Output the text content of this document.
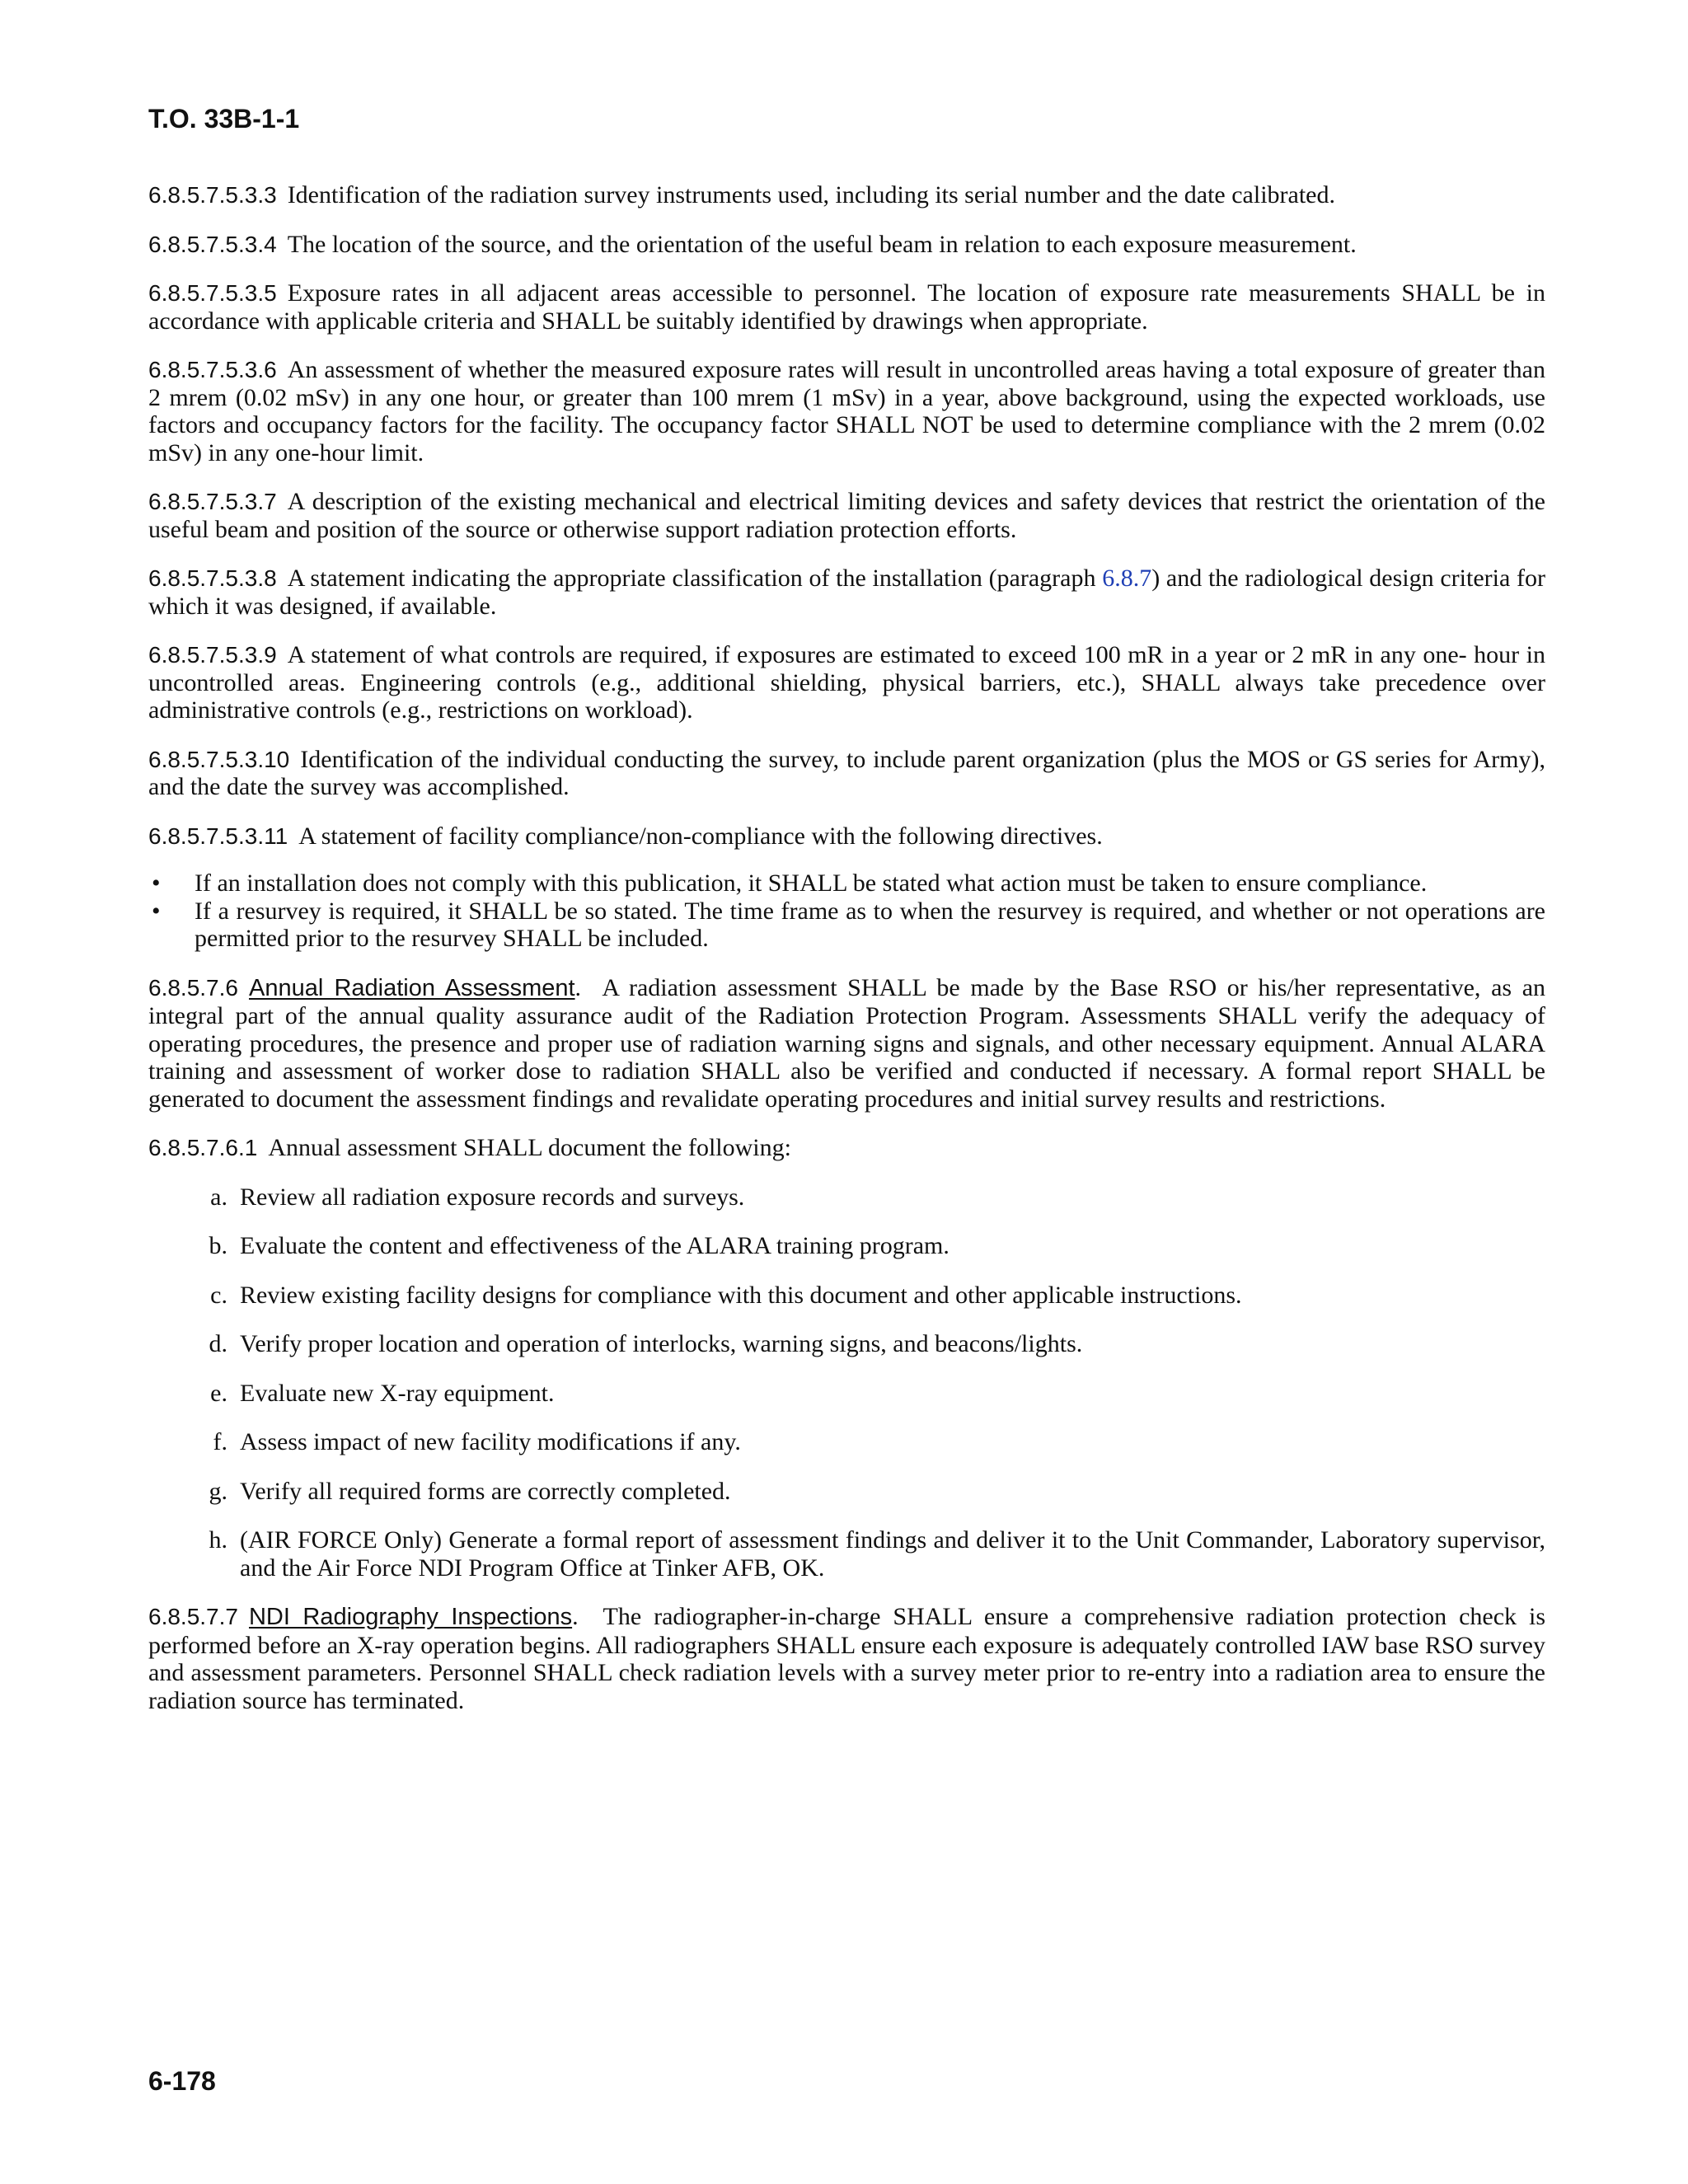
T.O. 33B-1-1

6.8.5.7.5.3.3 Identification of the radiation survey instruments used, including its serial number and the date calibrated.

6.8.5.7.5.3.4 The location of the source, and the orientation of the useful beam in relation to each exposure measurement.

6.8.5.7.5.3.5 Exposure rates in all adjacent areas accessible to personnel. The location of exposure rate measurements SHALL be in accordance with applicable criteria and SHALL be suitably identified by drawings when appropriate.

6.8.5.7.5.3.6 An assessment of whether the measured exposure rates will result in uncontrolled areas having a total exposure of greater than 2 mrem (0.02 mSv) in any one hour, or greater than 100 mrem (1 mSv) in a year, above background, using the expected workloads, use factors and occupancy factors for the facility. The occupancy factor SHALL NOT be used to determine compliance with the 2 mrem (0.02 mSv) in any one-hour limit.

6.8.5.7.5.3.7 A description of the existing mechanical and electrical limiting devices and safety devices that restrict the orientation of the useful beam and position of the source or otherwise support radiation protection efforts.

6.8.5.7.5.3.8 A statement indicating the appropriate classification of the installation (paragraph 6.8.7) and the radiological design criteria for which it was designed, if available.

6.8.5.7.5.3.9 A statement of what controls are required, if exposures are estimated to exceed 100 mR in a year or 2 mR in any one- hour in uncontrolled areas. Engineering controls (e.g., additional shielding, physical barriers, etc.), SHALL always take precedence over administrative controls (e.g., restrictions on workload).

6.8.5.7.5.3.10 Identification of the individual conducting the survey, to include parent organization (plus the MOS or GS series for Army), and the date the survey was accomplished.

6.8.5.7.5.3.11 A statement of facility compliance/non-compliance with the following directives.

• If an installation does not comply with this publication, it SHALL be stated what action must be taken to ensure compliance.
• If a resurvey is required, it SHALL be so stated. The time frame as to when the resurvey is required, and whether or not operations are permitted prior to the resurvey SHALL be included.

6.8.5.7.6 Annual Radiation Assessment.  A radiation assessment SHALL be made by the Base RSO or his/her representative, as an integral part of the annual quality assurance audit of the Radiation Protection Program. Assessments SHALL verify the adequacy of operating procedures, the presence and proper use of radiation warning signs and signals, and other necessary equipment. Annual ALARA training and assessment of worker dose to radiation SHALL also be verified and conducted if necessary. A formal report SHALL be generated to document the assessment findings and revalidate operating procedures and initial survey results and restrictions.

6.8.5.7.6.1 Annual assessment SHALL document the following:

a. Review all radiation exposure records and surveys.
b. Evaluate the content and effectiveness of the ALARA training program.
c. Review existing facility designs for compliance with this document and other applicable instructions.
d. Verify proper location and operation of interlocks, warning signs, and beacons/lights.
e. Evaluate new X-ray equipment.
f. Assess impact of new facility modifications if any.
g. Verify all required forms are correctly completed.
h. (AIR FORCE Only) Generate a formal report of assessment findings and deliver it to the Unit Commander, Laboratory supervisor, and the Air Force NDI Program Office at Tinker AFB, OK.

6.8.5.7.7 NDI Radiography Inspections.  The radiographer-in-charge SHALL ensure a comprehensive radiation protection check is performed before an X-ray operation begins. All radiographers SHALL ensure each exposure is adequately controlled IAW base RSO survey and assessment parameters. Personnel SHALL check radiation levels with a survey meter prior to re-entry into a radiation area to ensure the radiation source has terminated.

6-178
